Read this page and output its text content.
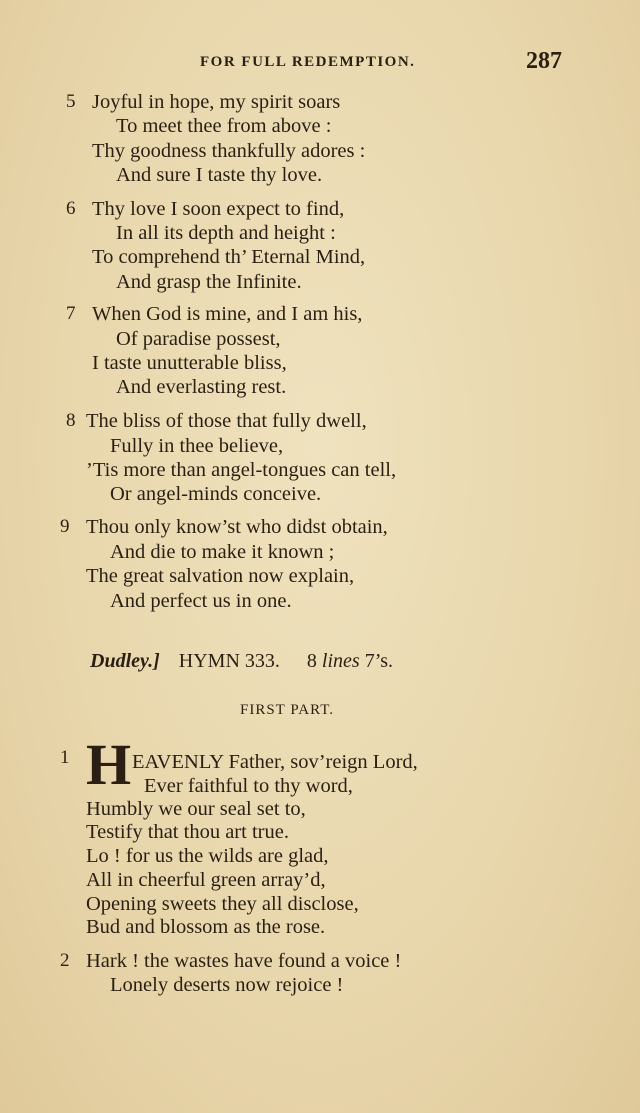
FOR FULL REDEMPTION.	287
5 Joyful in hope, my spirit soars
To meet thee from above :
Thy goodness thankfully adores :
And sure I taste thy love.
6 Thy love I soon expect to find,
In all its depth and height :
To comprehend th’ Eternal Mind,
And grasp the Infinite.
7 When God is mine, and I am his,
Of paradise possest,
I taste unutterable bliss,
And everlasting rest.
8 The bliss of those that fully dwell,
Fully in thee believe,
’Tis more than angel-tongues can tell,
Or angel-minds conceive.
9 Thou only know’st who didst obtain,
And die to make it known ;
The great salvation now explain,
And perfect us in one.
Dudley.] HYMN 333. 8 lines 7’s.
FIRST PART.
1 H EAVENLY Father, sov’reign Lord,
Ever faithful to thy word,
Humbly we our seal set to,
Testify that thou art true.
Lo ! for us the wilds are glad,
All in cheerful green array’d,
Opening sweets they all disclose,
Bud and blossom as the rose.
2 Hark ! the wastes have found a voice !
Lonely deserts now rejoice !
